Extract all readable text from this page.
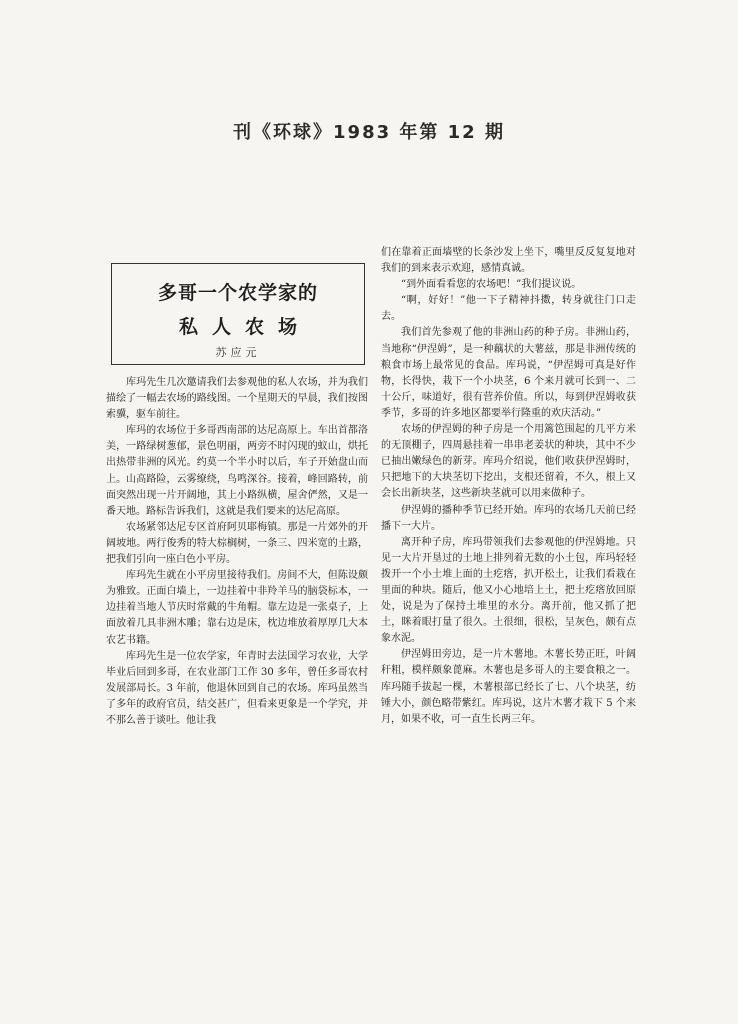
刊《环球》1983 年第 12 期
多哥一个农学家的
私人农场
苏应元

库玛先生几次邀请我们去参观他的私人农场，并为我们描绘了一幅去农场的路线图。一个星期天的早晨，我们按图索骥，驱车前往。

库玛的农场位于多哥西南部的达尼高原上。车出首都洛美，一路绿树葱郁，景色明丽，两旁不时闪现的蚁山，烘托出热带非洲的风光。约莫一个半小时以后，车子开始盘山而上。山高路险，云雾缭绕，鸟鸣深谷。接着，峰回路转，前面突然出现一片开阔地，其上小路纵横，屋舍俨然，又是一番天地。路标告诉我们，这就是我们要来的达尼高原。

农场紧邻达尼专区首府阿贝耶梅镇。那是一片郊外的开阔坡地。两行俊秀的特大棕榈树，一条三、四米宽的土路，把我们引向一座白色小平房。

库玛先生就在小平房里接待我们。房间不大，但陈设颇为雅致。正面白墙上，一边挂着中非羚羊马的脑袋标本，一边挂着当地人节庆时常戴的牛角帽。靠左边是一张桌子，上面放着几具非洲木雕；靠右边是床，枕边堆放着厚厚几大本农艺书籍。

库玛先生是一位农学家，年青时去法国学习农业，大学毕业后回到多哥，在农业部门工作 30 多年，曾任多哥农村发展部局长。3 年前，他退休回到自己的农场。库玛虽然当了多年的政府官员，结交甚广，但看来更象是一个学究，并不那么善于谈吐。他让我

们在靠着正面墙壁的长条沙发上坐下，嘴里反反复复地对我们的到来表示欢迎，感情真诚。

“到外面看看您的农场吧！”我们提议说。

“啊，好好！”他一下子精神抖擞，转身就往门口走去。

我们首先参观了他的非洲山药的种子房。非洲山药，当地称“伊涅姆”，是一种藕状的大薯兹，那是非洲传统的粮食市场上最常见的食品。库玛说，“伊涅姆可真是好作物，长得快，栽下一个小块茎，6 个来月就可长到一、二十公斤，味道好，很有营养价值。所以，每到伊涅姆收获季节，多哥的许多地区都要举行隆重的欢庆活动。”

农场的伊涅姆的种子房是一个用篱笆围起的几平方米的无顶棚子，四周悬挂着一串串老姜状的种块，其中不少已抽出嫩绿色的新芽。库玛介绍说，他们收获伊涅姆时，只把地下的大块茎切下挖出，支根还留着，不久，根上又会长出新块茎，这些新块茎就可以用来做种子。

伊涅姆的播种季节已经开始。库玛的农场几天前已经播下一大片。

离开种子房，库玛带领我们去参观他的伊涅姆地。只见一大片开垦过的土地上排列着无数的小土包，库玛轻轻拨开一个小土堆上面的土疙瘩，扒开松土，让我们看栽在里面的种块。随后，他又小心地培上土，把土疙瘩放回原处，说是为了保持土堆里的水分。离开前，他又抓了把土，眯着眼打量了很久。土很细，很松，呈灰色，颇有点象水泥。

伊涅姆田旁边，是一片木薯地。木薯长势正旺，叶阔秆粗，模样颇象蓖麻。木薯也是多哥人的主要食粮之一。库玛随手拔起一棵，木薯根部已经长了七、八个块茎，纺锤大小，颜色略带紫红。库玛说，这片木薯才栽下 5 个来月，如果不收，可一直生长两三年。
